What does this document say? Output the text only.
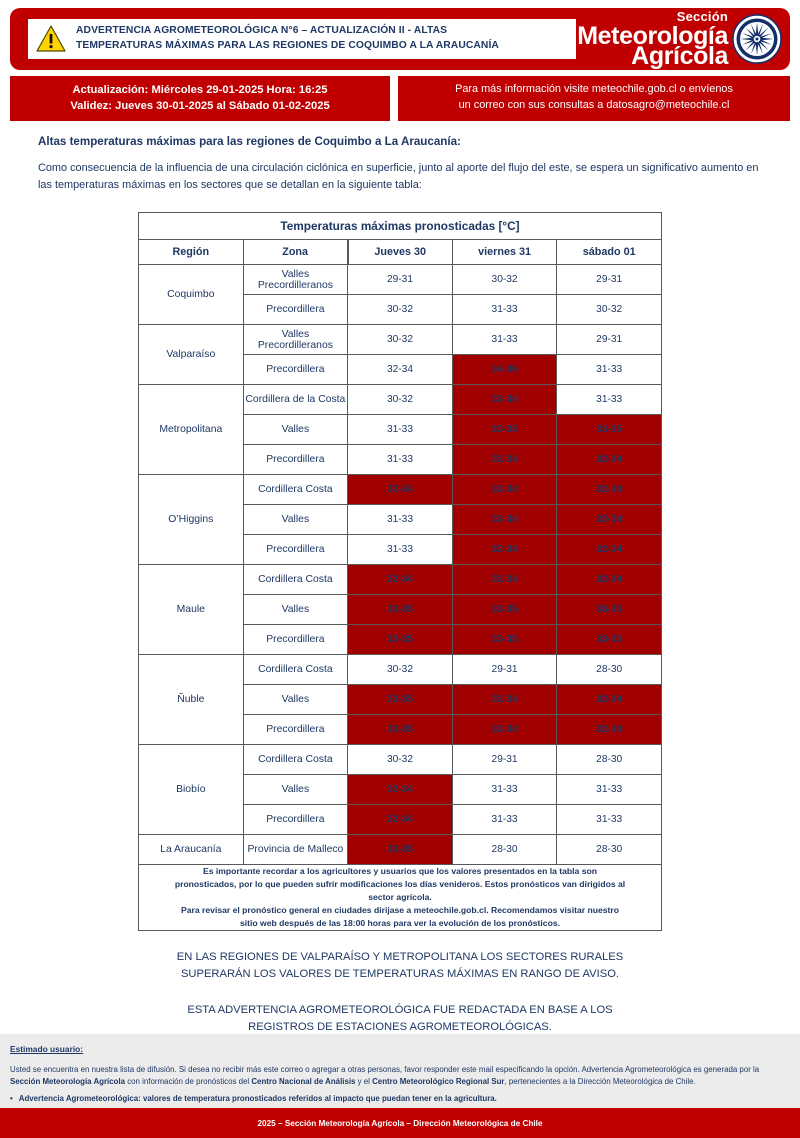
ADVERTENCIA AGROMETEOROLÓGICA N°6 – ACTUALIZACIÓN II - ALTAS
TEMPERATURAS MÁXIMAS PARA LAS REGIONES DE COQUIMBO A LA ARAUCANÍA
Sección
Meteorología
Agrícola
Actualización: Miércoles 29-01-2025 Hora: 16:25
Validez: Jueves 30-01-2025 al Sábado 01-02-2025
Para más información visite meteochile.gob.cl o envíenos
un correo con sus consultas a datosagro@meteochile.cl
Altas temperaturas máximas para las regiones de Coquimbo a La Araucanía:

Como consecuencia de la influencia de una circulación ciclónica en superficie, junto al aporte del flujo del este, se espera un significativo aumento en las temperaturas máximas en los sectores que se detallan en la siguiente tabla:

Temperaturas máximas pronosticadas [°C]				
Región	Zona	Jueves 30	viernes 31	sábado 01
Coquimbo	Valles Precordilleranos	29-31	30-32	29-31
	Precordillera	30-32	31-33	30-32
Valparaíso	Valles Precordilleranos	30-32	31-33	29-31
	Precordillera	32-34	34-36	31-33
Metropolitana	Cordillera de la Costa	30-32	32-34	31-33
	Valles	31-33	33-35	33-35
	Precordillera	31-33	32-34	32-34
O’Higgins	Cordillera Costa	32-34	32-34	32-34
	Valles	31-33	32-34	32-34
	Precordillera	31-33	32-34	32-34
Maule	Cordillera Costa	32-34	32-34	32-34
	Valles	33-35	33-35	33-35
	Precordillera	33-35	33-35	33-35
Ñuble	Cordillera Costa	30-32	29-31	28-30
	Valles	33-35	32-34	32-34
	Precordillera	33-35	32-34	32-34
Biobío	Cordillera Costa	30-32	29-31	28-30
	Valles	32-34	31-33	31-33
	Precordillera	32-34	31-33	31-33
La Araucanía	Provincia de Malleco	33-35	28-30	28-30

Es importante recordar a los agricultores y usuarios que los valores presentados en la tabla son
pronosticados, por lo que pueden sufrir modificaciones los días venideros. Estos pronósticos van dirigidos al
sector agrícola.
Para revisar el pronóstico general en ciudades dirijase a meteochile.gob.cl. Recomendamos visitar nuestro
sitio web después de las 18:00 horas para ver la evolución de los pronósticos.				

EN LAS REGIONES DE VALPARAÍSO Y METROPOLITANA LOS SECTORES RURALES
SUPERARÁN LOS VALORES DE TEMPERATURAS MÁXIMAS EN RANGO DE AVISO.

ESTA ADVERTENCIA AGROMETEOROLÓGICA FUE REDACTADA EN BASE A LOS
REGISTROS DE ESTACIONES AGROMETEOROLÓGICAS.

Estimado usuario:
Usted se encuentra en nuestra lista de difusión. Si desea no recibir más este correo o agregar a otras personas, favor responder este mail especificando la opción. Advertencia Agrometeorológica es generada por la Sección Meteorología Agrícola con información de pronósticos del Centro Nacional de Análisis y el Centro Meteorológico Regional Sur, pertenecientes a la Dirección Meteorológica de Chile.
• Advertencia Agrometeorológica: valores de temperatura pronosticados referidos al impacto que puedan tener en la agricultura.
2025 – Sección Meteorología Agrícola – Dirección Meteorológica de Chile
